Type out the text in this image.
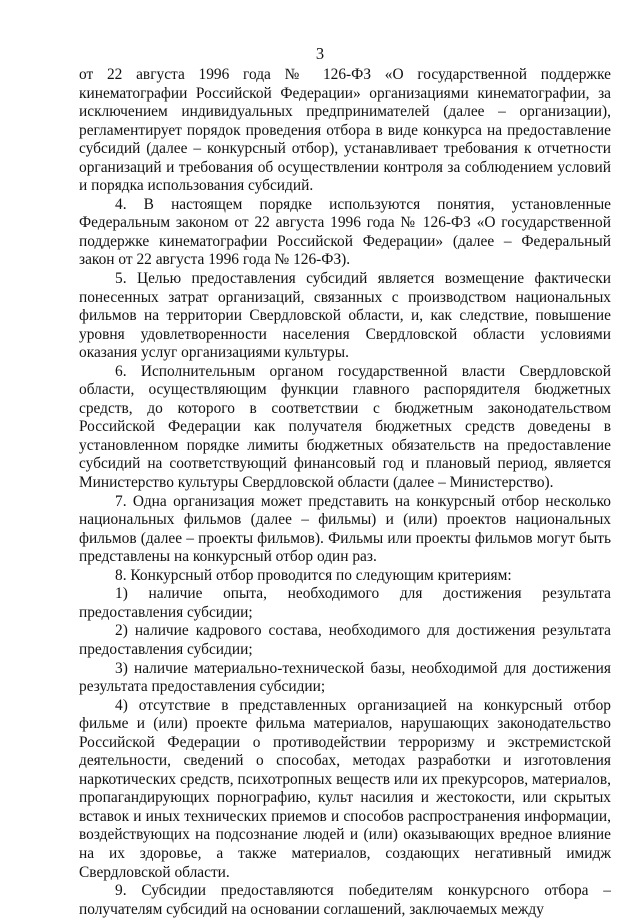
3

от 22 августа 1996 года № 126-ФЗ «О государственной поддержке кинематографии Российской Федерации» организациями кинематографии, за исключением индивидуальных предпринимателей (далее – организации), регламентирует порядок проведения отбора в виде конкурса на предоставление субсидий (далее – конкурсный отбор), устанавливает требования к отчетности организаций и требования об осуществлении контроля за соблюдением условий и порядка использования субсидий.

4. В настоящем порядке используются понятия, установленные Федеральным законом от 22 августа 1996 года № 126-ФЗ «О государственной поддержке кинематографии Российской Федерации» (далее – Федеральный закон от 22 августа 1996 года № 126-ФЗ).

5. Целью предоставления субсидий является возмещение фактически понесенных затрат организаций, связанных с производством национальных фильмов на территории Свердловской области, и, как следствие, повышение уровня удовлетворенности населения Свердловской области условиями оказания услуг организациями культуры.

6. Исполнительным органом государственной власти Свердловской области, осуществляющим функции главного распорядителя бюджетных средств, до которого в соответствии с бюджетным законодательством Российской Федерации как получателя бюджетных средств доведены в установленном порядке лимиты бюджетных обязательств на предоставление субсидий на соответствующий финансовый год и плановый период, является Министерство культуры Свердловской области (далее – Министерство).

7. Одна организация может представить на конкурсный отбор несколько национальных фильмов (далее – фильмы) и (или) проектов национальных фильмов (далее – проекты фильмов). Фильмы или проекты фильмов могут быть представлены на конкурсный отбор один раз.

8. Конкурсный отбор проводится по следующим критериям:

1) наличие опыта, необходимого для достижения результата предоставления субсидии;

2) наличие кадрового состава, необходимого для достижения результата предоставления субсидии;

3) наличие материально-технической базы, необходимой для достижения результата предоставления субсидии;

4) отсутствие в представленных организацией на конкурсный отбор фильме и (или) проекте фильма материалов, нарушающих законодательство Российской Федерации о противодействии терроризму и экстремистской деятельности, сведений о способах, методах разработки и изготовления наркотических средств, психотропных веществ или их прекурсоров, материалов, пропагандирующих порнографию, культ насилия и жестокости, или скрытых вставок и иных технических приемов и способов распространения информации, воздействующих на подсознание людей и (или) оказывающих вредное влияние на их здоровье, а также материалов, создающих негативный имидж Свердловской области.

9. Субсидии предоставляются победителям конкурсного отбора – получателям субсидий на основании соглашений, заключаемых между
